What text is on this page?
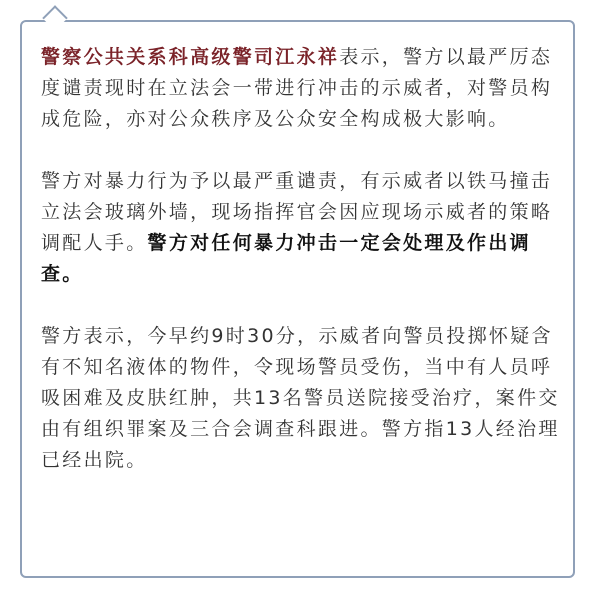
警察公共关系科高级警司江永祥表示，警方以最严厉态度谴责现时在立法会一带进行冲击的示威者，对警员构成危险，亦对公众秩序及公众安全构成极大影响。

警方对暴力行为予以最严重谴责，有示威者以铁马撞击立法会玻璃外墙，现场指挥官会因应现场示威者的策略调配人手。警方对任何暴力冲击一定会处理及作出调查。

警方表示，今早约9时30分，示威者向警员投掷怀疑含有不知名液体的物件，令现场警员受伤，当中有人员呼吸困难及皮肤红肿，共13名警员送院接受治疗，案件交由有组织罪案及三合会调查科跟进。警方指13人经治理已经出院。
